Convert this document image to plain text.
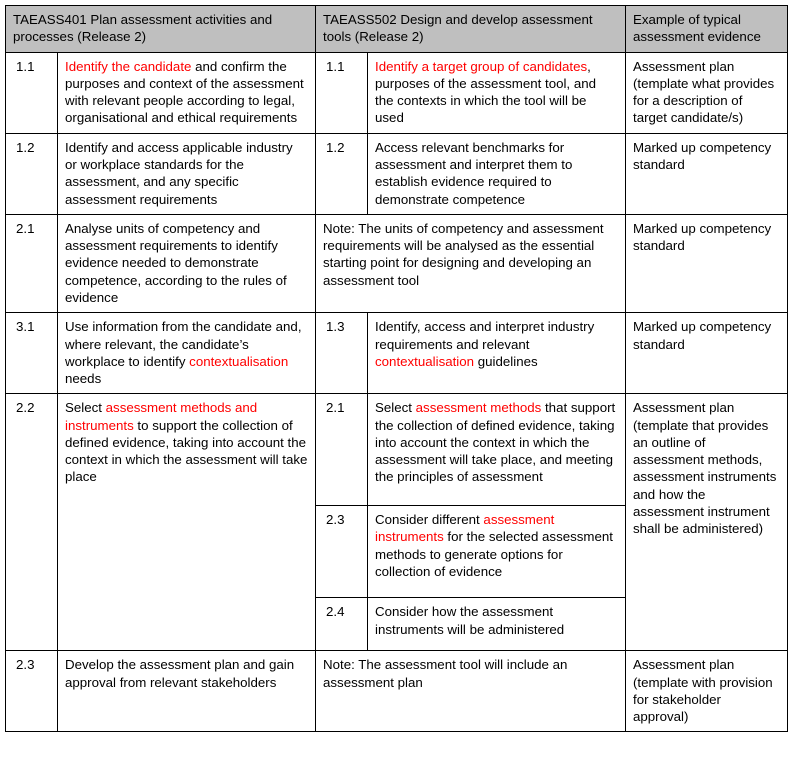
TAEASS401 Plan assessment activities and processes (Release 2)		TAEASS502 Design and develop assessment tools (Release 2)		Example of typical assessment evidence
1.1	Identify the candidate and confirm the purposes and context of the assessment with relevant people according to legal, organisational and ethical requirements	1.1	Identify a target group of candidates, purposes of the assessment tool, and the contexts in which the tool will be used	Assessment plan (template what provides for a description of target candidate/s)
1.2	Identify and access applicable industry or workplace standards for the assessment, and any specific assessment requirements	1.2	Access relevant benchmarks for assessment and interpret them to establish evidence required to demonstrate competence	Marked up competency standard
2.1	Analyse units of competency and assessment requirements to identify evidence needed to demonstrate competence, according to the rules of evidence	Note: The units of competency and assessment requirements will be analysed as the essential starting point for designing and developing an assessment tool		Marked up competency standard
3.1	Use information from the candidate and, where relevant, the candidate’s workplace to identify contextualisation needs	1.3	Identify, access and interpret industry requirements and relevant contextualisation guidelines	Marked up competency standard
2.2	Select assessment methods and instruments to support the collection of defined evidence, taking into account the context in which the assessment will take place	2.1	Select assessment methods that support the collection of defined evidence, taking into account the context in which the assessment will take place, and meeting the principles of assessment	Assessment plan (template that provides an outline of assessment methods, assessment instruments and how the assessment instrument shall be administered)
		2.3	Consider different assessment instruments for the selected assessment methods to generate options for collection of evidence	
		2.4	Consider how the assessment instruments will be administered	
2.3	Develop the assessment plan and gain approval from relevant stakeholders	Note: The assessment tool will include an assessment plan		Assessment plan (template with provision for stakeholder approval)
